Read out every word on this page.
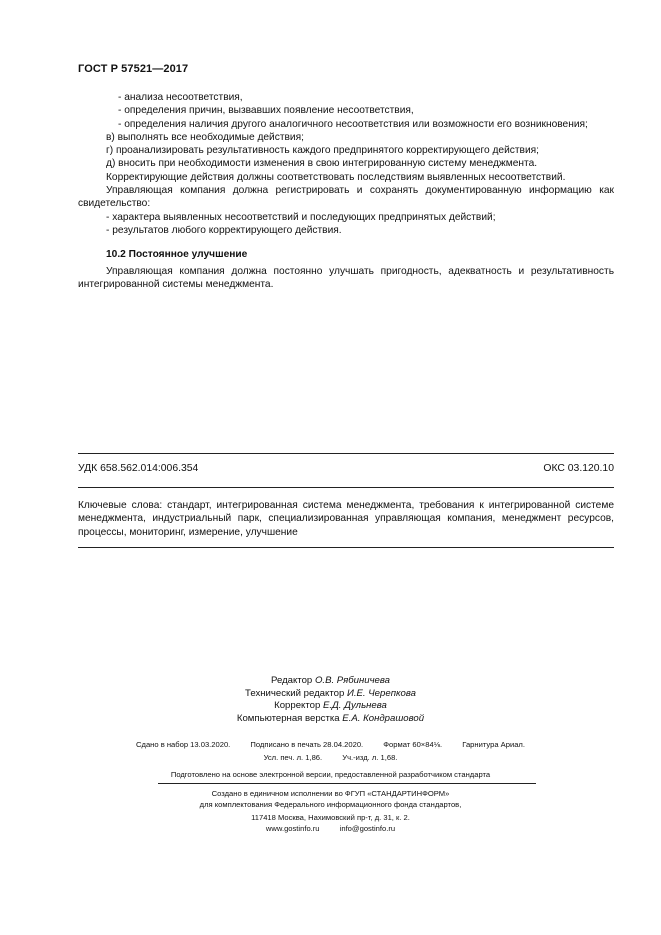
ГОСТ Р 57521—2017

- анализа несоответствия,

- определения причин, вызвавших появление несоответствия,

- определения наличия другого аналогичного несоответствия или возможности его возникновения;

в) выполнять все необходимые действия;

г) проанализировать результативность каждого предпринятого корректирующего действия;

д) вносить при необходимости изменения в свою интегрированную систему менеджмента.

Корректирующие действия должны соответствовать последствиям выявленных несоответствий.

Управляющая компания должна регистрировать и сохранять документированную информацию как свидетельство:

- характера выявленных несоответствий и последующих предпринятых действий;

- результатов любого корректирующего действия.

10.2 Постоянное улучшение

Управляющая компания должна постоянно улучшать пригодность, адекватность и результативность интегрированной системы менеджмента.

УДК 658.562.014:006.354	ОКС 03.120.10
Ключевые слова: стандарт, интегрированная система менеджмента, требования к интегрированной системе менеджмента, индустриальный парк, специализированная управляющая компания, менеджмент ресурсов, процессы, мониторинг, измерение, улучшение
Редактор О.В. Рябиничева
Технический редактор И.Е. Черепкова
Корректор Е.Д. Дульнева
Компьютерная верстка Е.А. Кондрашовой
Сдано в набор 13.03.2020.	Подписано в печать 28.04.2020.	Формат 60×84⅛.	Гарнитура Ариал.
Усл. печ. л. 1,86.	Уч.-изд. л. 1,68.
Подготовлено на основе электронной версии, предоставленной разработчиком стандарта
Создано в единичном исполнении во ФГУП «СТАНДАРТИНФОРМ»
для комплектования Федерального информационного фонда стандартов,
117418 Москва, Нахимовский пр-т, д. 31, к. 2.
www.gostinfo.ru	info@gostinfo.ru
